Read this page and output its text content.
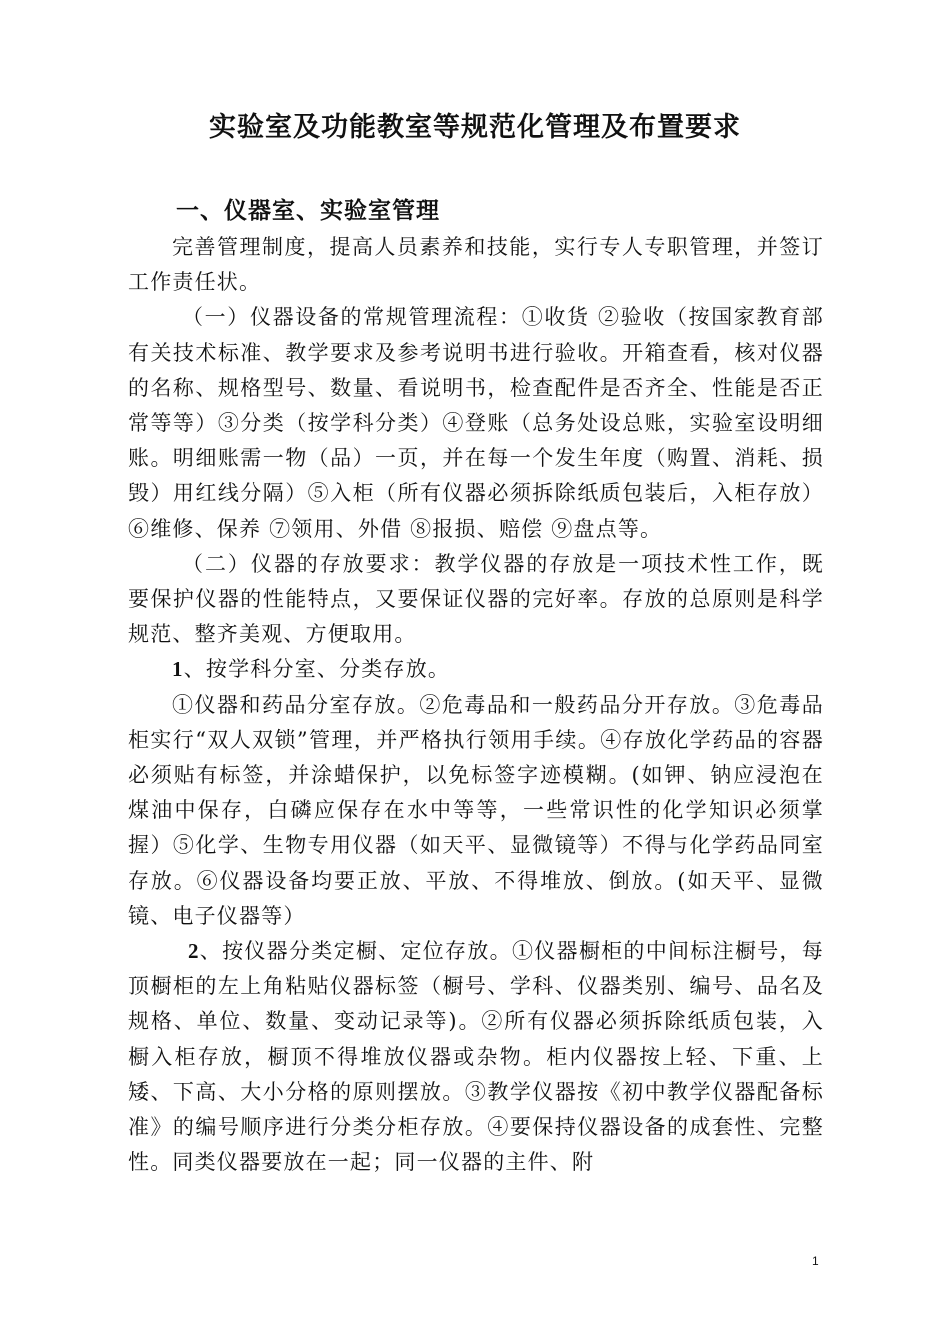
实验室及功能教室等规范化管理及布置要求
一、仪器室、实验室管理

完善管理制度，提高人员素养和技能，实行专人专职管理，并签订工作责任状。

（一）仪器设备的常规管理流程：①收货 ②验收（按国家教育部有关技术标准、教学要求及参考说明书进行验收。开箱查看，核对仪器的名称、规格型号、数量、看说明书，检查配件是否齐全、性能是否正常等等）③分类（按学科分类）④登账（总务处设总账，实验室设明细账。明细账需一物（品）一页，并在每一个发生年度（购置、消耗、损毁）用红线分隔）⑤入柜（所有仪器必须拆除纸质包装后，入柜存放）⑥维修、保养 ⑦领用、外借 ⑧报损、赔偿 ⑨盘点等。

（二）仪器的存放要求：教学仪器的存放是一项技术性工作，既要保护仪器的性能特点，又要保证仪器的完好率。存放的总原则是科学规范、整齐美观、方便取用。

1、按学科分室、分类存放。

①仪器和药品分室存放。②危毒品和一般药品分开存放。③危毒品柜实行“双人双锁”管理，并严格执行领用手续。④存放化学药品的容器必须贴有标签，并涂蜡保护，以免标签字迹模糊。(如钾、钠应浸泡在煤油中保存，白磷应保存在水中等等，一些常识性的化学知识必须掌握）⑤化学、生物专用仪器（如天平、显微镜等）不得与化学药品同室存放。⑥仪器设备均要正放、平放、不得堆放、倒放。(如天平、显微镜、电子仪器等）

2、按仪器分类定橱、定位存放。①仪器橱柜的中间标注橱号，每顶橱柜的左上角粘贴仪器标签（橱号、学科、仪器类别、编号、品名及规格、单位、数量、变动记录等)。②所有仪器必须拆除纸质包装，入橱入柜存放，橱顶不得堆放仪器或杂物。柜内仪器按上轻、下重、上矮、下高、大小分格的原则摆放。③教学仪器按《初中教学仪器配备标准》的编号顺序进行分类分柜存放。④要保持仪器设备的成套性、完整性。同类仪器要放在一起；同一仪器的主件、附

1
